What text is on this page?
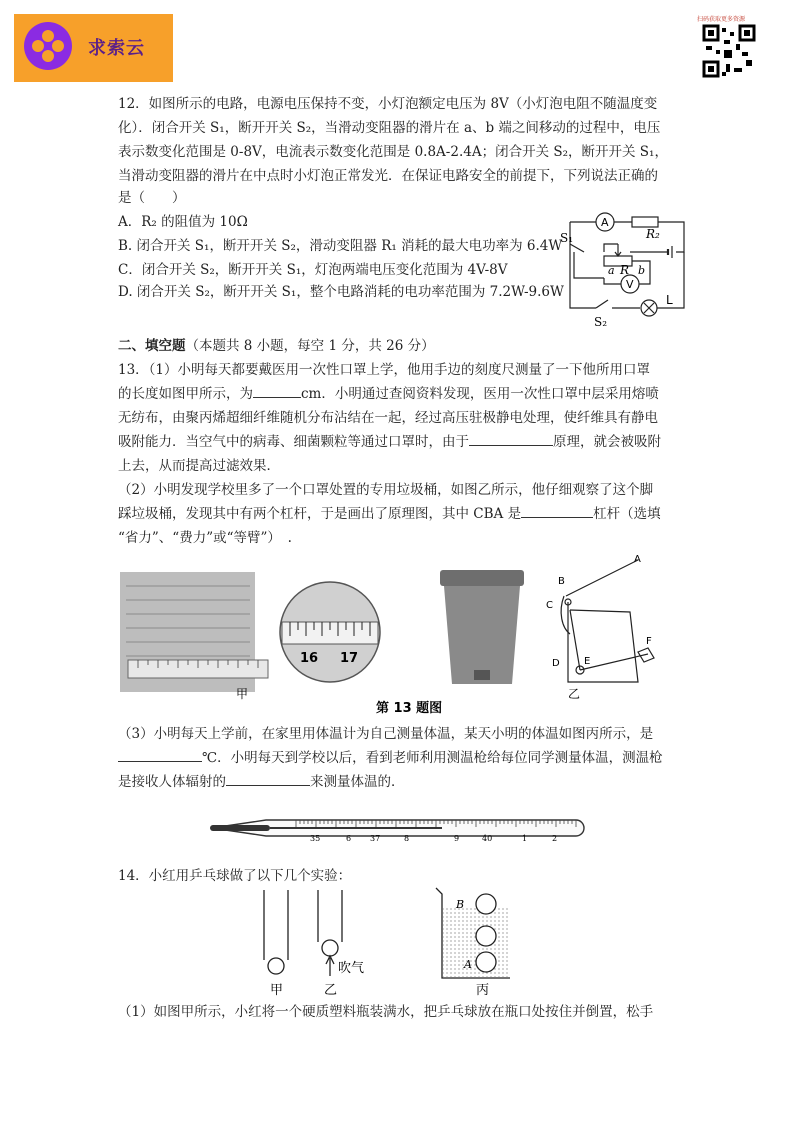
求索云
扫码获取更多资源
12．如图所示的电路，电源电压保持不变，小灯泡额定电压为 8V（小灯泡电阻不随温度变
化）．闭合开关 S₁，断开开关 S₂，当滑动变阻器的滑片在 a、b 端之间移动的过程中，电压
表示数变化范围是 0-8V，电流表示数变化范围是 0.8A-2.4A；闭合开关 S₂，断开开关 S₁，
当滑动变阻器的滑片在中点时小灯泡正常发光．在保证电路安全的前提下，下列说法正确的
是（　　）
A．R₂ 的阻值为 10Ω
B. 闭合开关 S₁，断开开关 S₂，滑动变阻器 R₁ 消耗的最大电功率为 6.4W
C．闭合开关 S₂，断开开关 S₁，灯泡两端电压变化范围为 4V-8V
D. 闭合开关 S₂，断开开关 S₁，整个电路消耗的电功率范围为 7.2W-9.6W
A
V
R₂
S₁
S₂
a R b
L
二、填空题（本题共 8 小题，每空 1 分，共 26 分）
13．（1）小明每天都要戴医用一次性口罩上学，他用手边的刻度尺测量了一下他所用口罩
的长度如图甲所示，为	cm．小明通过查阅资料发现，医用一次性口罩中层采用熔喷
无纺布，由聚丙烯超细纤维随机分布沾结在一起，经过高压驻极静电处理，使纤维具有静电
吸附能力．当空气中的病毒、细菌颗粒等通过口罩时，由于	原理，就会被吸附
上去，从而提高过滤效果．
（2）小明发现学校里多了一个口罩处置的专用垃圾桶，如图乙所示，他仔细观察了这个脚
踩垃圾桶，发现其中有两个杠杆，于是画出了原理图，其中 CBA 是	杠杆（选填
“省力”、“费力”或“等臂”）　.
16 17
甲
A
B
C
D E
F
乙
第 13 题图
（3）小明每天上学前，在家里用体温计为自己测量体温，某天小明的体温如图丙所示，是
℃．小明每天到学校以后，看到老师利用测温枪给每位同学测量体温，测温枪
是接收人体辐射的	来测量体温的．
35	6 37	8	9	40	1	2
14．小红用乒乓球做了以下几个实验：
B
A
吹气
甲	乙	丙
（1）如图甲所示，小红将一个硬质塑料瓶装满水，把乒乓球放在瓶口处按住并倒置，松手
